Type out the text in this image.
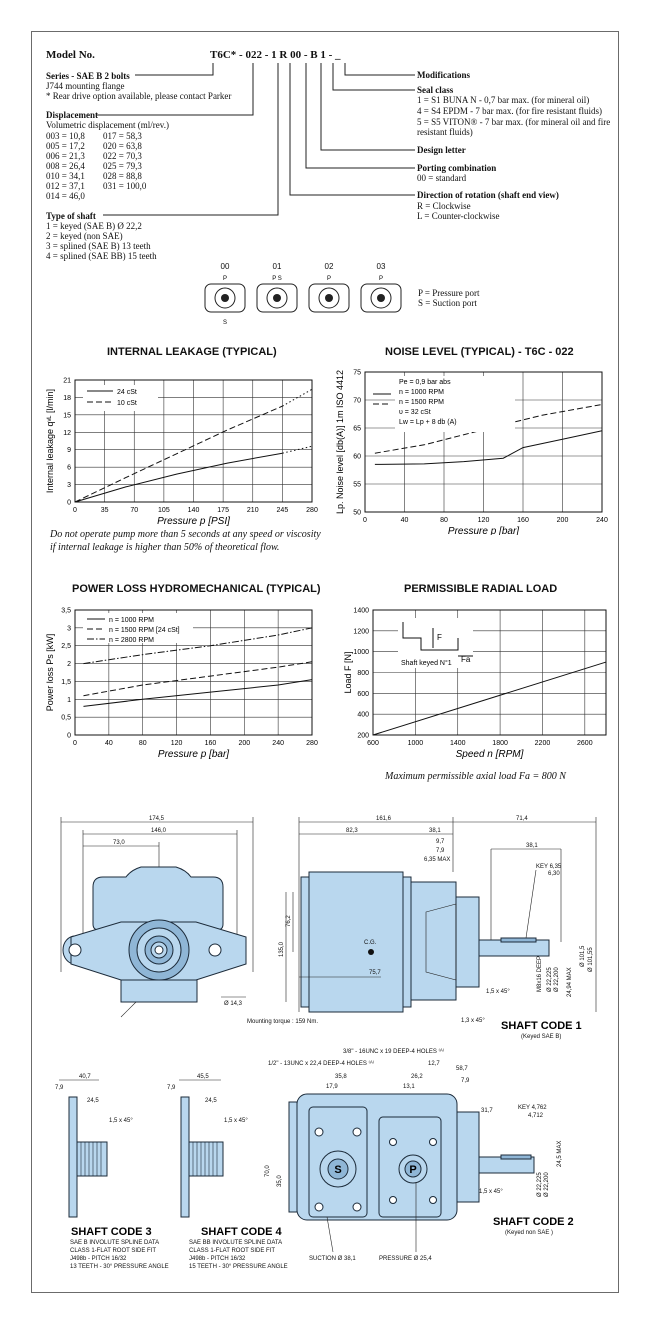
Model No.	T6C* - 022 - 1 R 00 - B 1 - _
Series - SAE B 2 bolts
J744 mounting flange
* Rear drive option available, please contact Parker
Displacement
Volumetric displacement (ml/rev.)
003 = 10,8
005 = 17,2
006 = 21,3
008 = 26,4
010 = 34,1
012 = 37,1
014 = 46,0
017 = 58,3
020 = 63,8
022 = 70,3
025 = 79,3
028 = 88,8
031 = 100,0
Type of shaft
1 = keyed (SAE B) Ø 22,2
2 = keyed (non SAE)
3 = splined (SAE B) 13 teeth
4 = splined (SAE BB) 15 teeth
Modifications
Seal class
1 = S1 BUNA N - 0,7 bar max. (for mineral oil)
4 = S4 EPDM - 7 bar max. (for fire resistant fluids)
5 = S5 VITON® - 7 bar max. (for mineral oil and fire
resistant fluids)
Design letter
Porting combination
00 = standard
Direction of rotation (shaft end view)
R = Clockwise
L = Counter-clockwise
00	01	02	03
P
S
P S	P	P
P = Pressure port
S = Suction port
INTERNAL LEAKAGE (TYPICAL)	NOISE LEVEL (TYPICAL) - T6C - 022
0	35	70	105	140	175	210	245	280
0
3
6
9
12
15
18
21
Pressure p [PSI]
Internal leakage qᵛᴸ [l/min]	24 cSt
10 cSt
0	40	80	120	160	200	240
50
55
60
65
70
75
Pressure p [bar]
Lp. Noise level [db(A)] 1m ISO 4412	Pe = 0,9 bar abs
n = 1000 RPM
n = 1500 RPM
υ = 32 cSt
Lw = Lp + 8 db (A)
Do not operate pump more than 5 seconds at any speed or viscosity
if internal leakage is higher than 50% of theoretical flow.
POWER LOSS HYDROMECHANICAL (TYPICAL)	PERMISSIBLE RADIAL LOAD
0	40	80	120	160	200	240	280
0
0,5
1
1,5
2
2,5
3
3,5
Pressure p [bar]
Power loss Ps [kW]
n = 1000 RPM
n = 1500 RPM [24 cSt]
n = 2800 RPM
600	1000	1400	1800	2200	2600
200
400
600
800
1000
1200
1400
Speed n [RPM]
Load F [N]
F
Fa
Shaft keyed N°1
Maximum permissible axial load Fa = 800 N
174,5
146,0
73,0
Ø 14,3
Mounting torque : 159 Nm.
161,6	71,4
82,3	38,1
38,1
9,7
7,9
6,35 MAX
C.G.
135,0
76,2
75,7
1,5 x 45°
1,3 x 45°
KEY 6,35
6,30
Ø 101,5 Ø 101,55
Ø 22,225 Ø 22,200
M8x16 DEEP	24,94 MAX
SHAFT CODE 1
(Keyed SAE B)
40,7
7,9
24,5
1,5 x 45°
SHAFT CODE 3
SAE B INVOLUTE SPLINE DATA
CLASS 1-FLAT ROOT SIDE FIT
J498b - PITCH 16/32
13 TEETH - 30° PRESSURE ANGLE
45,5
7,9
24,5
1,5 x 45°
SHAFT CODE 4
SAE BB INVOLUTE SPLINE DATA
CLASS 1-FLAT ROOT SIDE FIT
J498b - PITCH 16/32
15 TEETH - 30° PRESSURE ANGLE
3/8" - 16UNC x 19 DEEP-4 HOLES ⁽ᴬ⁾
1/2" - 13UNC x 22,4 DEEP-4 HOLES ⁽ᴬ⁾
35,8
17,9
26,2
13,1
12,7
58,7
7,9
31,7	KEY 4,762
4,712
24,5 MAX
1,5 x 45°
70,0
35,0	Ø 22,225 Ø 22,200
S	P
SUCTION Ø 38,1	PRESSURE Ø 25,4
SHAFT CODE 2
(Keyed non SAE )
